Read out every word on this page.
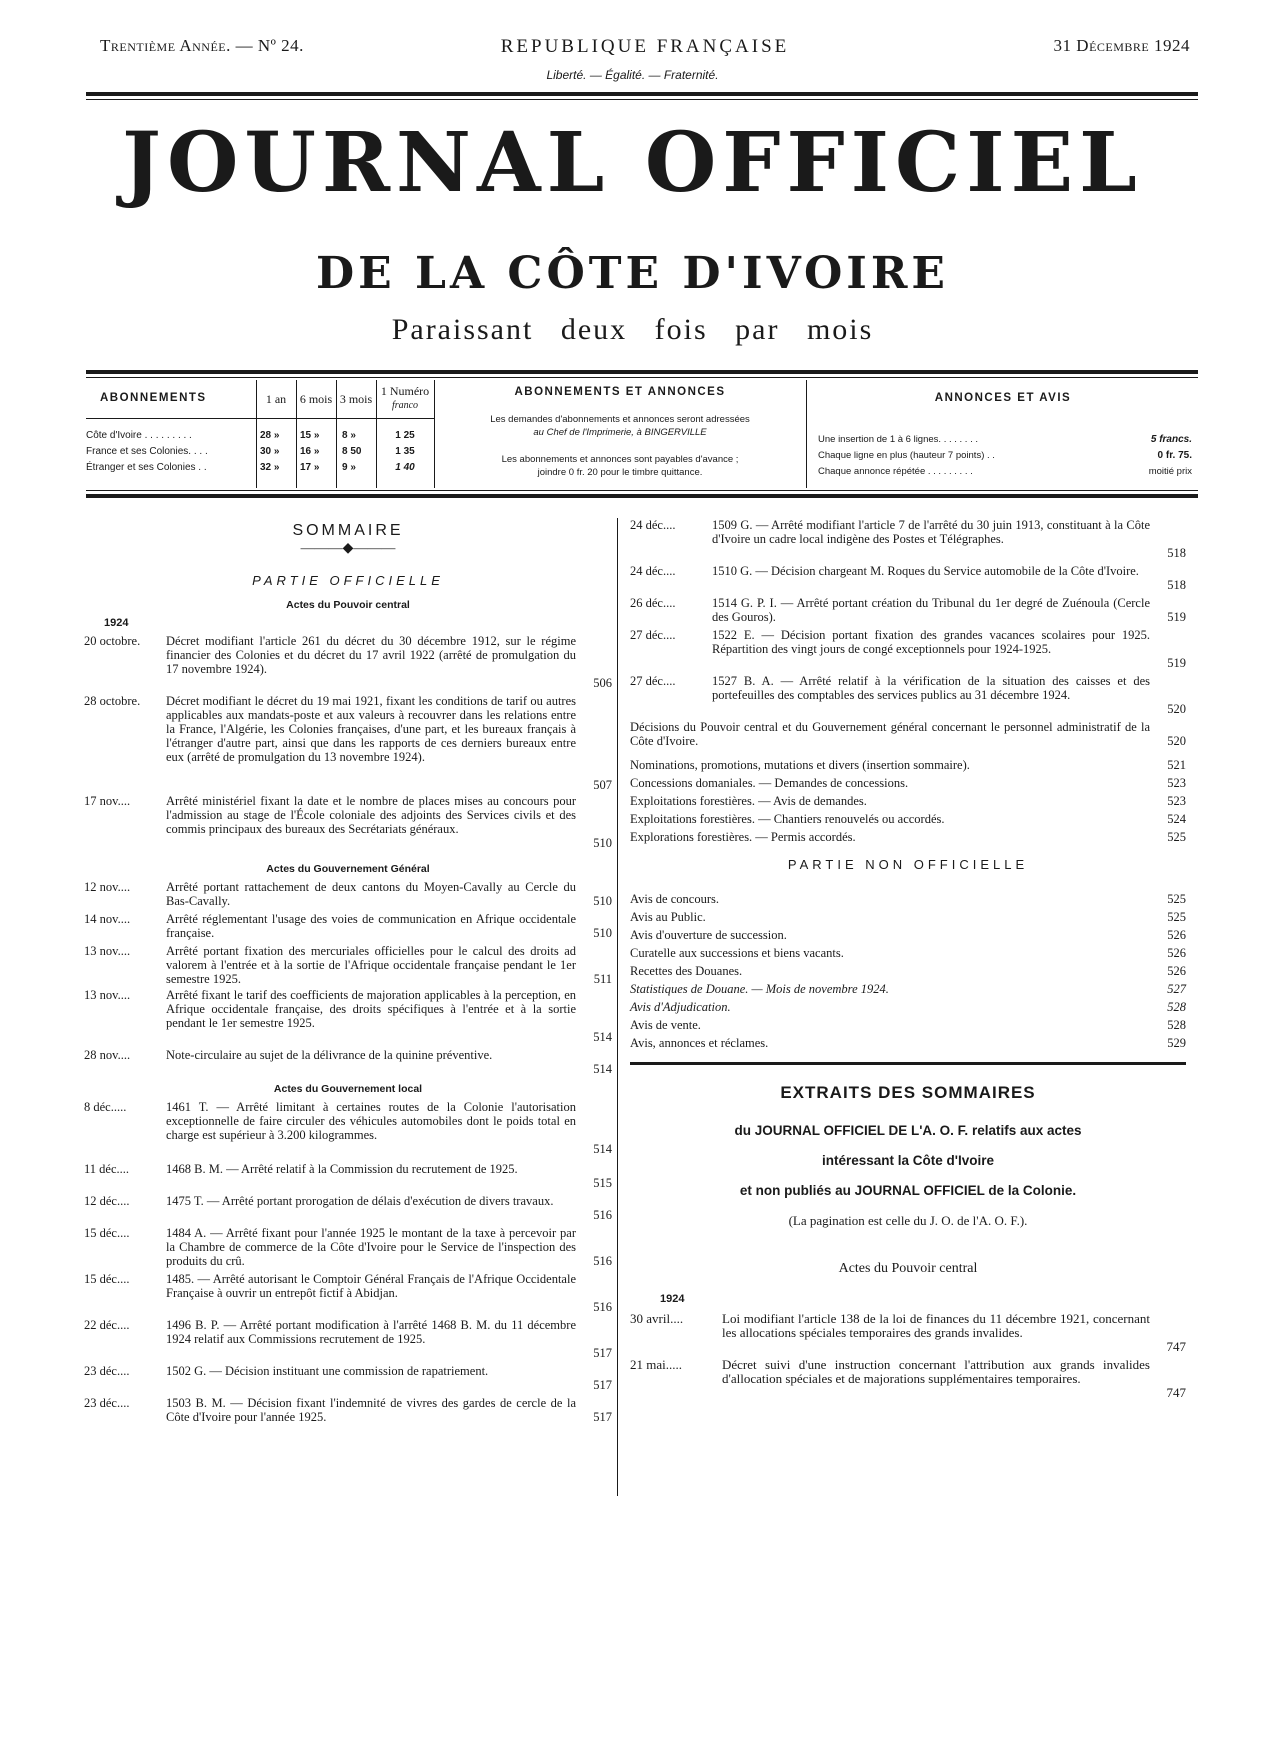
Trentième Année. — Nº 24.	REPUBLIQUE FRANÇAISE	31 Décembre 1924
Liberté. — Égalité. — Fraternité.
JOURNAL OFFICIEL
DE LA CÔTE D'IVOIRE
Paraissant deux fois par mois
ABONNEMENTS	1 an	6 mois 3 mois
1 Numéro
franco
Côte d'Ivoire . . . . . . . . .	28 » 15 » 8 »	1 25
France et ses Colonies. . . .	30 » 16 » 8 50	1 35
Étranger et ses Colonies . .	32 » 17 » 9 »	1 40
ABONNEMENTS ET ANNONCES
Les demandes d'abonnements et annonces seront adressées
au Chef de l'Imprimerie, à BINGERVILLE
Les abonnements et annonces sont payables d'avance ;
joindre 0 fr. 20 pour le timbre quittance.
ANNONCES ET AVIS
Une insertion de 1 à 6 lignes. . . . . . . .	5 francs.
Chaque ligne en plus (hauteur 7 points) . .	0 fr. 75.
Chaque annonce répétée . . . . . . . . .	moitié prix
SOMMAIRE
———◆———
PARTIE OFFICIELLE
Actes du Pouvoir central
1924
20 octobre.	Décret modifiant l'article 261 du décret du 30 décembre 1912, sur le régime financier des Colonies et du décret du 17 avril 1922 (arrêté de promulgation du 17 novembre 1924).
506
28 octobre.	Décret modifiant le décret du 19 mai 1921, fixant les conditions de tarif ou autres applicables aux mandats-poste et aux valeurs à recouvrer dans les relations entre la France, l'Algérie, les Colonies françaises, d'une part, et les bureaux français à l'étranger d'autre part, ainsi que dans les rapports de ces derniers bureaux entre eux (arrêté de promulgation du 13 novembre 1924).
507
17 nov....	Arrêté ministériel fixant la date et le nombre de places mises au concours pour l'admission au stage de l'École coloniale des adjoints des Services civils et des commis principaux des bureaux des Secrétariats généraux.
510
Actes du Gouvernement Général
12 nov....	Arrêté portant rattachement de deux cantons du Moyen-Cavally au Cercle du Bas-Cavally.	510
14 nov....	Arrêté réglementant l'usage des voies de communication en Afrique occidentale française.	510
13 nov....	Arrêté portant fixation des mercuriales officielles pour le calcul des droits ad valorem à l'entrée et à la sortie de l'Afrique occidentale française pendant le 1er semestre 1925.	511
13 nov....	Arrêté fixant le tarif des coefficients de majoration applicables à la perception, en Afrique occidentale française, des droits spécifiques à l'entrée et à la sortie pendant le 1er semestre 1925.
514
28 nov....	Note-circulaire au sujet de la délivrance de la quinine préventive.
514
Actes du Gouvernement local
8 déc.....	1461 T. — Arrêté limitant à certaines routes de la Colonie l'autorisation exceptionnelle de faire circuler des véhicules automobiles dont le poids total en charge est supérieur à 3.200 kilogrammes.
514
11 déc....	1468 B. M. — Arrêté relatif à la Commission du recrutement de 1925.
515
12 déc....	1475 T. — Arrêté portant prorogation de délais d'exécution de divers travaux.
516
15 déc....	1484 A. — Arrêté fixant pour l'année 1925 le montant de la taxe à percevoir par la Chambre de commerce de la Côte d'Ivoire pour le Service de l'inspection des produits du crû.	516
15 déc....	1485. — Arrêté autorisant le Comptoir Général Français de l'Afrique Occidentale Française à ouvrir un entrepôt fictif à Abidjan.
516
22 déc....	1496 B. P. — Arrêté portant modification à l'arrêté 1468 B. M. du 11 décembre 1924 relatif aux Commissions recrutement de 1925.
517
23 déc....	1502 G. — Décision instituant une commission de rapatriement.
517
23 déc....	1503 B. M. — Décision fixant l'indemnité de vivres des gardes de cercle de la Côte d'Ivoire pour l'année 1925.	517
24 déc....	1509 G. — Arrêté modifiant l'article 7 de l'arrêté du 30 juin 1913, constituant à la Côte d'Ivoire un cadre local indigène des Postes et Télégraphes.
518
24 déc....	1510 G. — Décision chargeant M. Roques du Service automobile de la Côte d'Ivoire.
518
26 déc....	1514 G. P. I. — Arrêté portant création du Tribunal du 1er degré de Zuénoula (Cercle des Gouros).	519
27 déc....	1522 E. — Décision portant fixation des grandes vacances scolaires pour 1925. Répartition des vingt jours de congé exceptionnels pour 1924-1925.
519
27 déc....	1527 B. A. — Arrêté relatif à la vérification de la situation des caisses et des portefeuilles des comptables des services publics au 31 décembre 1924.
520
Décisions du Pouvoir central et du Gouvernement général concernant le personnel administratif de la Côte d'Ivoire.	520
Nominations, promotions, mutations et divers (insertion sommaire).	521
Concessions domaniales. — Demandes de concessions.	523
Exploitations forestières. — Avis de demandes.	523
Exploitations forestières. — Chantiers renouvelés ou accordés.	524
Explorations forestières. — Permis accordés.	525
PARTIE NON OFFICIELLE
Avis de concours.	525
Avis au Public.	525
Avis d'ouverture de succession.	526
Curatelle aux successions et biens vacants.	526
Recettes des Douanes.	526
Statistiques de Douane. — Mois de novembre 1924.	527
Avis d'Adjudication.	528
Avis de vente.	528
Avis, annonces et réclames.	529
EXTRAITS DES SOMMAIRES
du JOURNAL OFFICIEL DE L'A. O. F. relatifs aux actes
intéressant la Côte d'Ivoire
et non publiés au JOURNAL OFFICIEL de la Colonie.
(La pagination est celle du J. O. de l'A. O. F.).
Actes du Pouvoir central
1924
30 avril....	Loi modifiant l'article 138 de la loi de finances du 11 décembre 1921, concernant les allocations spéciales temporaires des grands invalides.
747
21 mai.....	Décret suivi d'une instruction concernant l'attribution aux grands invalides d'allocation spéciales et de majorations supplémentaires temporaires.
747
